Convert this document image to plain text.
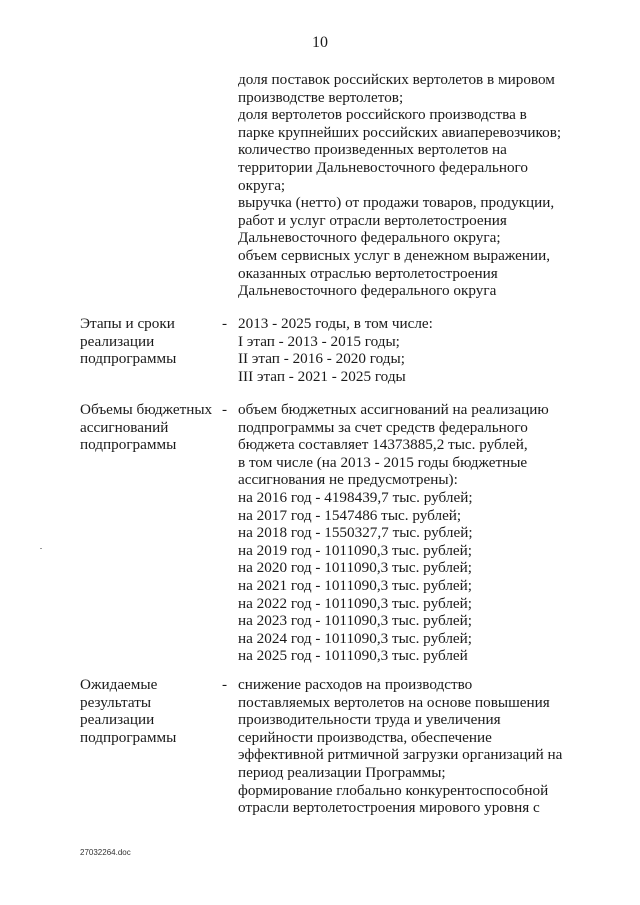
10
доля поставок российских вертолетов в мировом
производстве вертолетов;
доля вертолетов российского производства в
парке крупнейших российских авиаперевозчиков;
количество произведенных вертолетов на
территории Дальневосточного федерального
округа;
выручка (нетто) от продажи товаров, продукции,
работ и услуг отрасли вертолетостроения
Дальневосточного федерального округа;
объем сервисных услуг в денежном выражении,
оказанных отраслью вертолетостроения
Дальневосточного федерального округа
Этапы и сроки
реализации
подпрограммы
- 2013 - 2025 годы, в том числе:
I этап - 2013 - 2015 годы;
II этап - 2016 - 2020 годы;
III этап - 2021 - 2025 годы
Объемы бюджетных
ассигнований
подпрограммы
- объем бюджетных ассигнований на реализацию
подпрограммы за счет средств федерального
бюджета составляет 14373885,2 тыс. рублей,
в том числе (на 2013 - 2015 годы бюджетные
ассигнования не предусмотрены):
на 2016 год - 4198439,7 тыс. рублей;
на 2017 год - 1547486 тыс. рублей;
на 2018 год - 1550327,7 тыс. рублей;
на 2019 год - 1011090,3 тыс. рублей;
на 2020 год - 1011090,3 тыс. рублей;
на 2021 год - 1011090,3 тыс. рублей;
на 2022 год - 1011090,3 тыс. рублей;
на 2023 год - 1011090,3 тыс. рублей;
на 2024 год - 1011090,3 тыс. рублей;
на 2025 год - 1011090,3 тыс. рублей
Ожидаемые
результаты
реализации
подпрограммы
- снижение расходов на производство
поставляемых вертолетов на основе повышения
производительности труда и увеличения
серийности производства, обеспечение
эффективной ритмичной загрузки организаций на
период реализации Программы;
формирование глобально конкурентоспособной
отрасли вертолетостроения мирового уровня с
27032264.doc
